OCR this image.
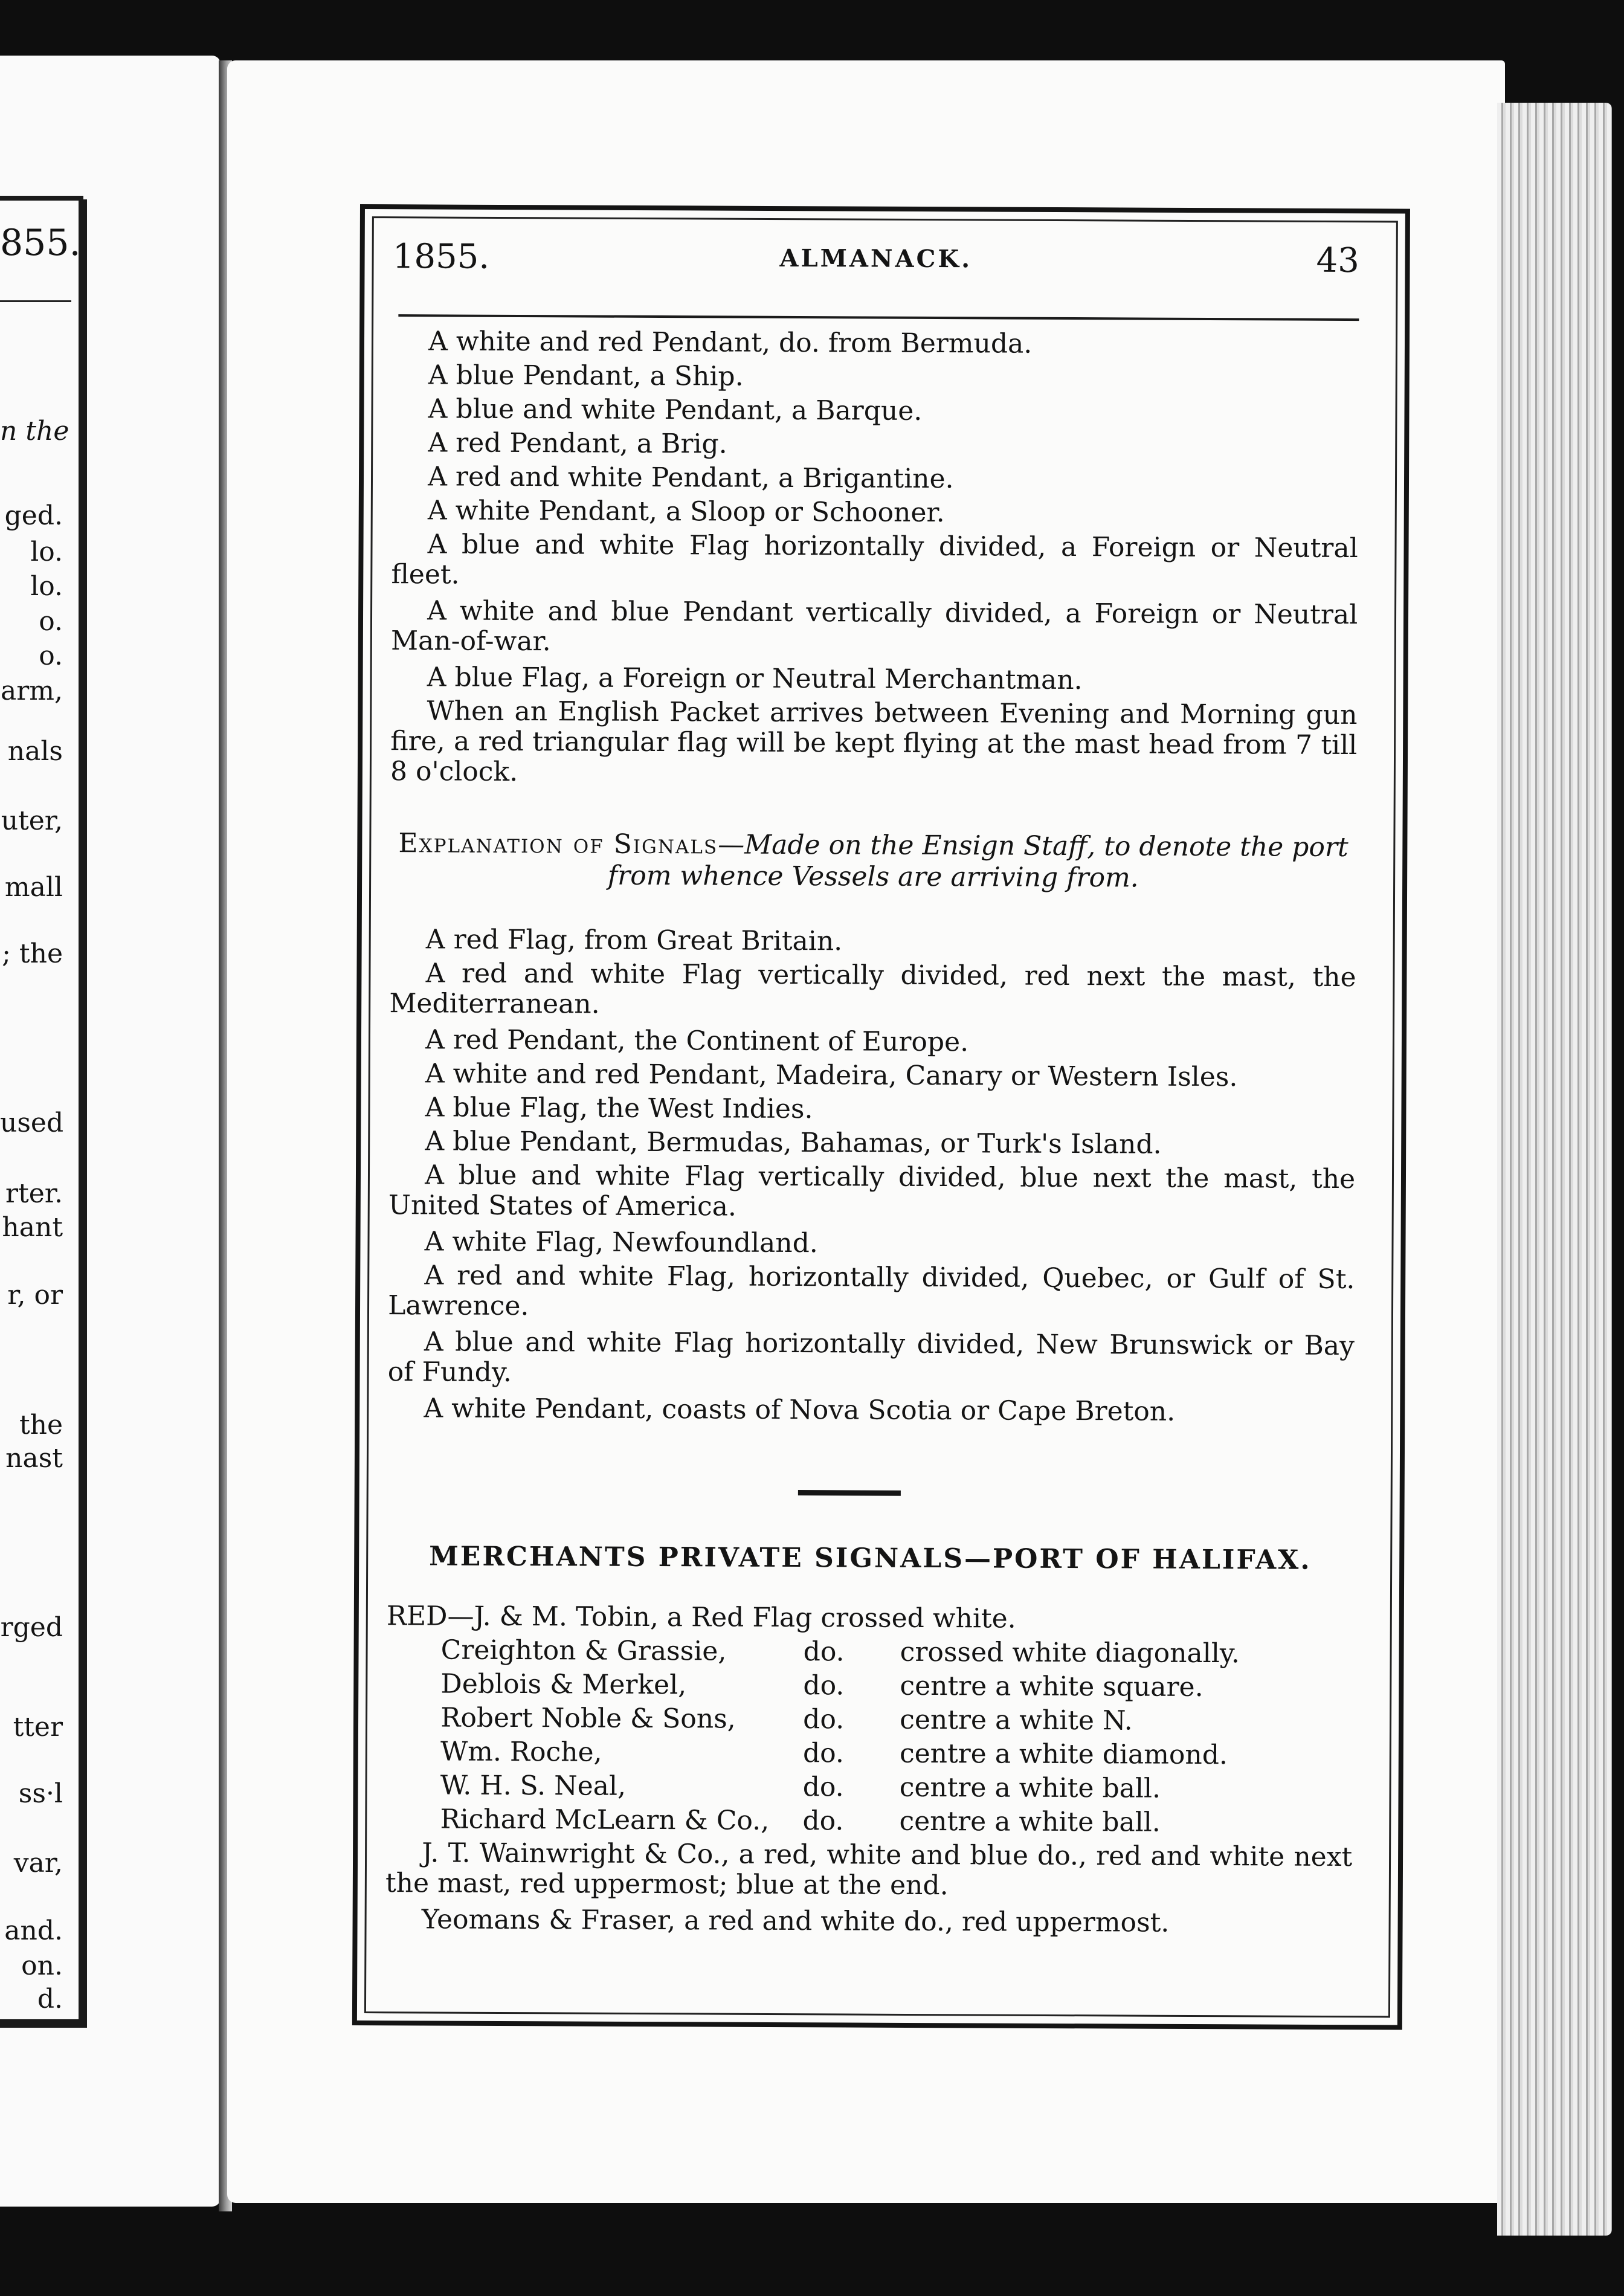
855.
n the
ged.
lo.
lo.
o.
o.
arm,
nals
uter,
mall
; the
used
rter.
hant
r, or
the
nast
rged
tter
ss·l
var,
and.
on.
d.
1855.	ALMANACK.	43
A white and red Pendant, do. from Bermuda.
A blue Pendant, a Ship.
A blue and white Pendant, a Barque.
A red Pendant, a Brig.
A red and white Pendant, a Brigantine.
A white Pendant, a Sloop or Schooner.
A blue and white Flag horizontally divided, a Foreign or Neutral fleet.
A white and blue Pendant vertically divided, a Foreign or Neutral Man-of-war.
A blue Flag, a Foreign or Neutral Merchantman.
When an English Packet arrives between Evening and Morning gun fire, a red triangular flag will be kept flying at the mast head from 7 till 8 o'clock.
Explanation of Signals—Made on the Ensign Staff, to denote the port from whence Vessels are arriving from.
A red Flag, from Great Britain.
A red and white Flag vertically divided, red next the mast, the Mediterranean.
A red Pendant, the Continent of Europe.
A white and red Pendant, Madeira, Canary or Western Isles.
A blue Flag, the West Indies.
A blue Pendant, Bermudas, Bahamas, or Turk's Island.
A blue and white Flag vertically divided, blue next the mast, the United States of America.
A white Flag, Newfoundland.
A red and white Flag, horizontally divided, Quebec, or Gulf of St. Lawrence.
A blue and white Flag horizontally divided, New Brunswick or Bay of Fundy.
A white Pendant, coasts of Nova Scotia or Cape Breton.
MERCHANTS PRIVATE SIGNALS—PORT OF HALIFAX.
RED—J. & M. Tobin, a Red Flag crossed white.
Creighton & Grassie,	do. crossed white diagonally.
Deblois & Merkel,	do. centre a white square.
Robert Noble & Sons,	do. centre a white N.
Wm. Roche,	do. centre a white diamond.
W. H. S. Neal,	do. centre a white ball.
Richard McLearn & Co., do. centre a white ball.
J. T. Wainwright & Co., a red, white and blue do., red and white next the mast, red uppermost; blue at the end.
Yeomans & Fraser, a red and white do., red uppermost.
